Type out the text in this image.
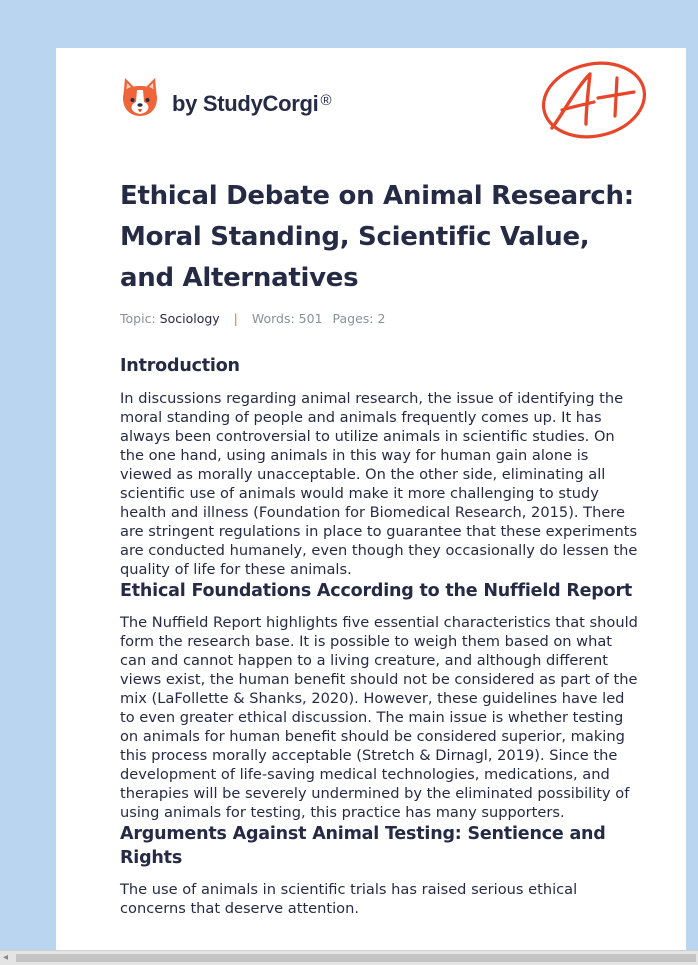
by StudyCorgi ®
Ethical Debate on Animal Research: Moral Standing, Scientific Value, and Alternatives
Topic: Sociology | Words: 501 Pages: 2
Introduction

In discussions regarding animal research, the issue of identifying the moral standing of people and animals frequently comes up. It has always been controversial to utilize animals in scientific studies. On the one hand, using animals in this way for human gain alone is viewed as morally unacceptable. On the other side, eliminating all scientific use of animals would make it more challenging to study health and illness (Foundation for Biomedical Research, 2015). There are stringent regulations in place to guarantee that these experiments are conducted humanely, even though they occasionally do lessen the quality of life for these animals.

Ethical Foundations According to the Nuffield Report

The Nuffield Report highlights five essential characteristics that should form the research base. It is possible to weigh them based on what can and cannot happen to a living creature, and although different views exist, the human benefit should not be considered as part of the mix (LaFollette & Shanks, 2020). However, these guidelines have led to even greater ethical discussion. The main issue is whether testing on animals for human benefit should be considered superior, making this process morally acceptable (Stretch & Dirnagl, 2019). Since the development of life-saving medical technologies, medications, and therapies will be severely undermined by the eliminated possibility of using animals for testing, this practice has many supporters.

Arguments Against Animal Testing: Sentience and Rights

The use of animals in scientific trials has raised serious ethical concerns that deserve attention.

◂
